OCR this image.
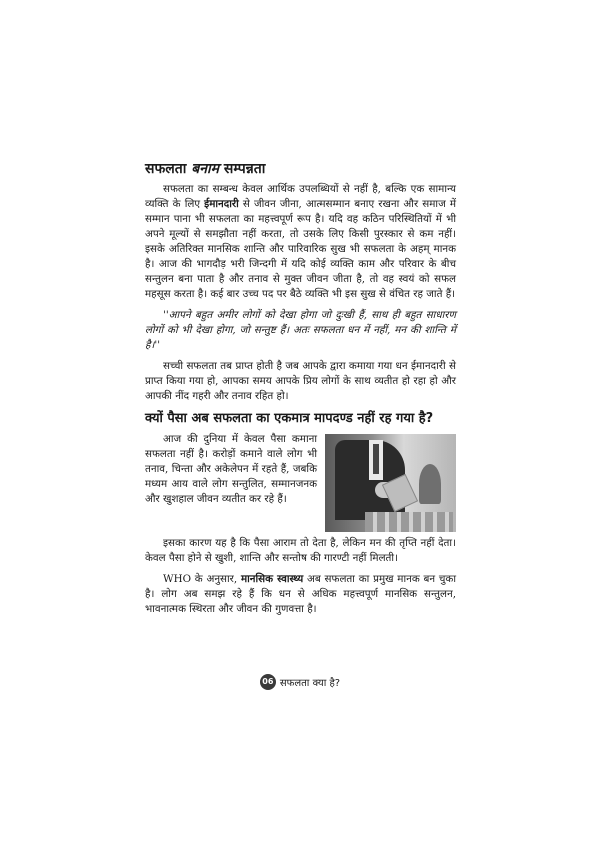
सफलता बनाम सम्पन्नता

सफलता का सम्बन्ध केवल आर्थिक उपलब्धियों से नहीं है, बल्कि एक सामान्य व्यक्ति के लिए ईमानदारी से जीवन जीना, आत्मसम्मान बनाए रखना और समाज में सम्मान पाना भी सफलता का महत्त्वपूर्ण रूप है। यदि वह कठिन परिस्थितियों में भी अपने मूल्यों से समझौता नहीं करता, तो उसके लिए किसी पुरस्कार से कम नहीं। इसके अतिरिक्त मानसिक शान्ति और पारिवारिक सुख भी सफलता के अहम् मानक है। आज की भागदौड़ भरी जिन्दगी में यदि कोई व्यक्ति काम और परिवार के बीच सन्तुलन बना पाता है और तनाव से मुक्त जीवन जीता है, तो वह स्वयं को सफल महसूस करता है। कई बार उच्च पद पर बैठे व्यक्ति भी इस सुख से वंचित रह जाते हैं।

''आपने बहुत अमीर लोगों को देखा होगा जो दुःखी हैं, साथ ही बहुत साधारण लोगों को भी देखा होगा, जो सन्तुष्ट हैं। अतः सफलता धन में नहीं, मन की शान्ति में है।''

सच्ची सफलता तब प्राप्त होती है जब आपके द्वारा कमाया गया धन ईमानदारी से प्राप्त किया गया हो, आपका समय आपके प्रिय लोगों के साथ व्यतीत हो रहा हो और आपकी नींद गहरी और तनाव रहित हो।

क्यों पैसा अब सफलता का एकमात्र मापदण्ड नहीं रह गया है?

आज की दुनिया में केवल पैसा कमाना सफलता नहीं है। करोड़ों कमाने वाले लोग भी तनाव, चिन्ता और अकेलेपन में रहते हैं, जबकि मध्यम आय वाले लोग सन्तुलित, सम्मानजनक और खुशहाल जीवन व्यतीत कर रहे हैं।

इसका कारण यह है कि पैसा आराम तो देता है, लेकिन मन की तृप्ति नहीं देता। केवल पैसा होने से खुशी, शान्ति और सन्तोष की गारण्टी नहीं मिलती।

WHO के अनुसार, मानसिक स्वास्थ्य अब सफलता का प्रमुख मानक बन चुका है। लोग अब समझ रहे हैं कि धन से अधिक महत्त्वपूर्ण मानसिक सन्तुलन, भावनात्मक स्थिरता और जीवन की गुणवत्ता है।

06 सफलता क्या है?
